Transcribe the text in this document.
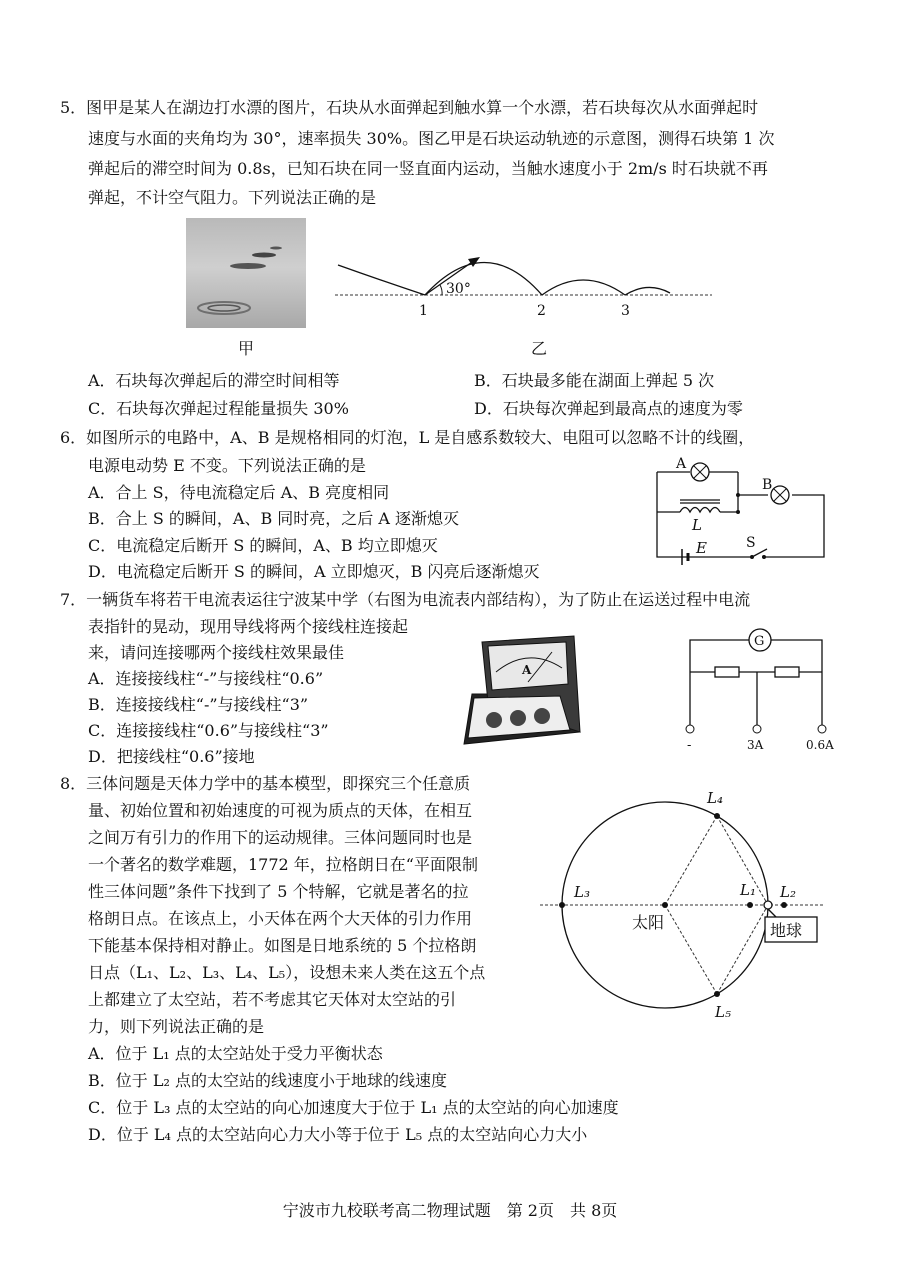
5．图甲是某人在湖边打水漂的图片，石块从水面弹起到触水算一个水漂，若石块每次从水面弹起时
速度与水面的夹角均为 30°，速率损失 30%。图乙甲是石块运动轨迹的示意图，测得石块第 1 次
弹起后的滞空时间为 0.8s，已知石块在同一竖直面内运动，当触水速度小于 2m/s 时石块就不再
弹起，不计空气阻力。下列说法正确的是
甲
30°
1	2	3
乙
A．石块每次弹起后的滞空时间相等	B．石块最多能在湖面上弹起 5 次
C．石块每次弹起过程能量损失 30%	D．石块每次弹起到最高点的速度为零
6．如图所示的电路中，A、B 是规格相同的灯泡，L 是自感系数较大、电阻可以忽略不计的线圈，
电源电动势 E 不变。下列说法正确的是
A．合上 S，待电流稳定后 A、B 亮度相同
B．合上 S 的瞬间，A、B 同时亮，之后 A 逐渐熄灭
C．电流稳定后断开 S 的瞬间，A、B 均立即熄灭
D．电流稳定后断开 S 的瞬间，A 立即熄灭，B 闪亮后逐渐熄灭
A
B
L
E	S
7．一辆货车将若干电流表运往宁波某中学（右图为电流表内部结构），为了防止在运送过程中电流
表指针的晃动，现用导线将两个接线柱连接起
来，请问连接哪两个接线柱效果最佳
A．连接接线柱“-”与接线柱“0.6”
B．连接接线柱“-”与接线柱“3”
C．连接接线柱“0.6”与接线柱“3”
D．把接线柱“0.6”接地
A
G
-	3A	0.6A
8．三体问题是天体力学中的基本模型，即探究三个任意质
量、初始位置和初始速度的可视为质点的天体，在相互
之间万有引力的作用下的运动规律。三体问题同时也是
一个著名的数学难题，1772 年，拉格朗日在“平面限制
性三体问题”条件下找到了 5 个特解，它就是著名的拉
格朗日点。在该点上，小天体在两个大天体的引力作用
下能基本保持相对静止。如图是日地系统的 5 个拉格朗
日点（L₁、L₂、L₃、L₄、L₅），设想未来人类在这五个点
上都建立了太空站，若不考虑其它天体对太空站的引
力，则下列说法正确的是
A．位于 L₁ 点的太空站处于受力平衡状态
B．位于 L₂ 点的太空站的线速度小于地球的线速度
C．位于 L₃ 点的太空站的向心加速度大于位于 L₁ 点的太空站的向心加速度
D．位于 L₄ 点的太空站向心力大小等于位于 L₅ 点的太空站向心力大小
L₄
L₃	L₁ L₂
L₅
太阳	地球
宁波市九校联考高二物理试题　第 2页　共 8页
